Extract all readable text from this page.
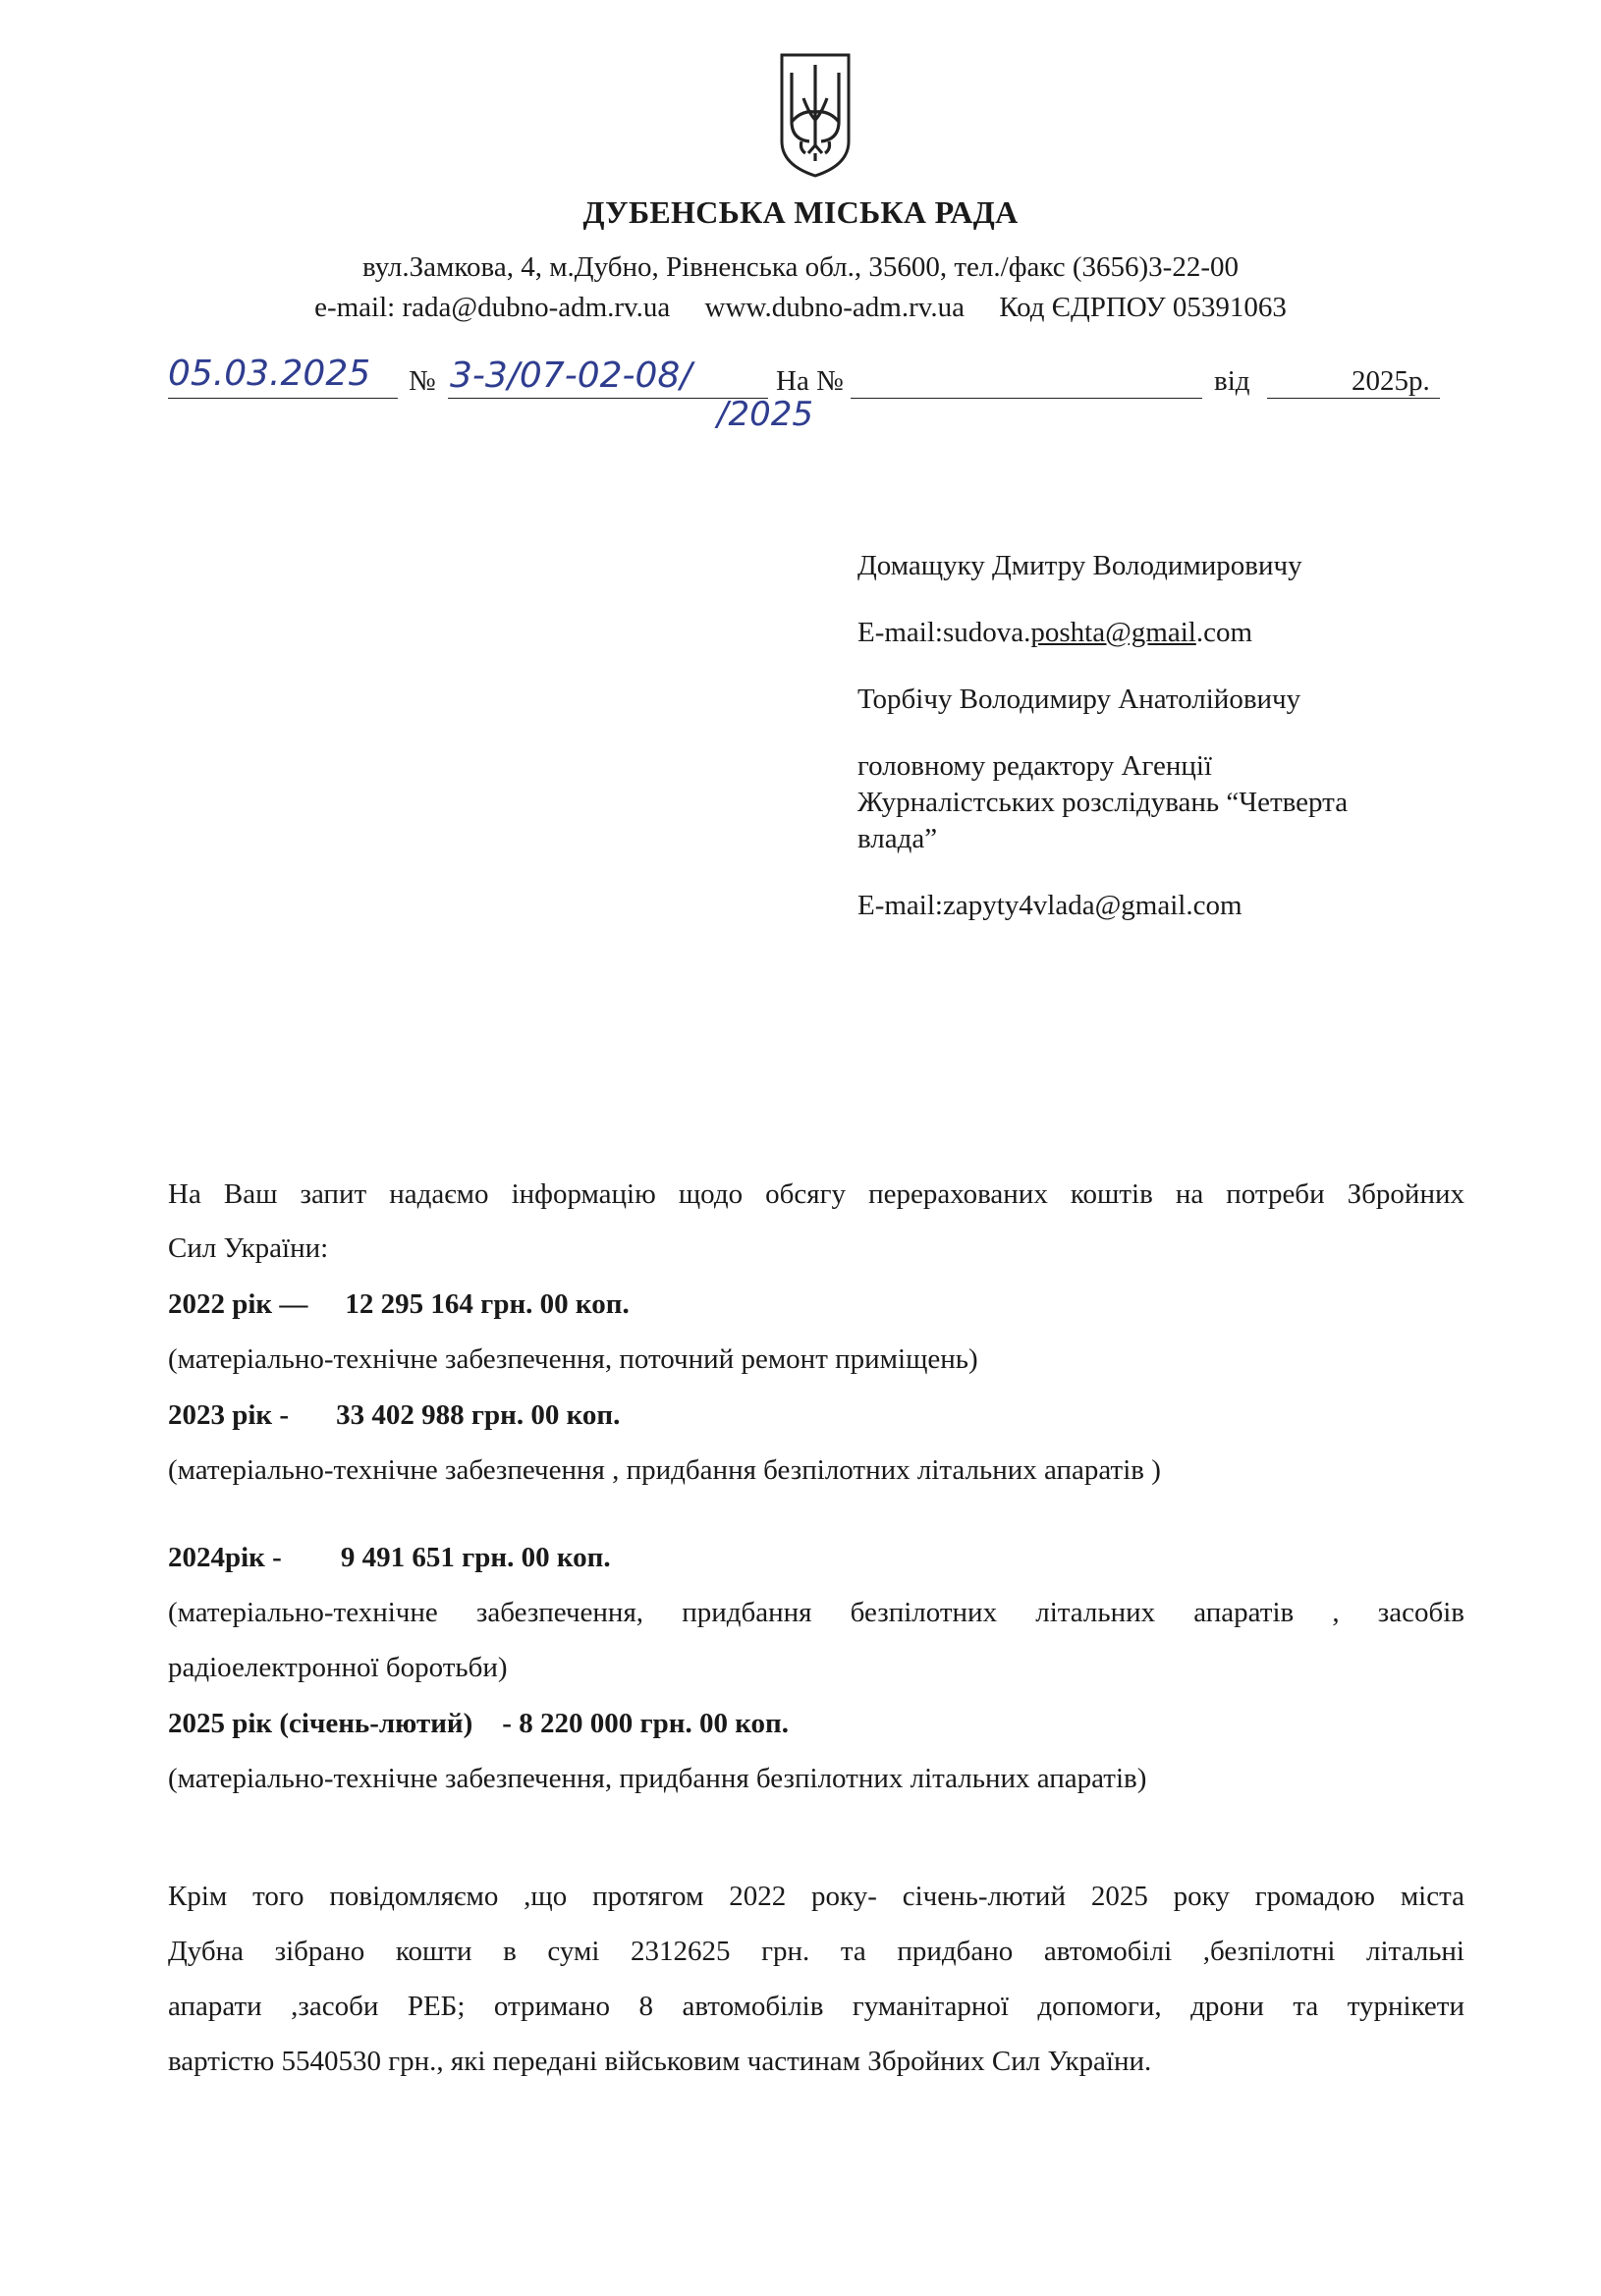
ДУБЕНСЬКА МІСЬКА РАДА
вул.Замкова, 4, м.Дубно, Рівненська обл., 35600, тел./факс (3656)3-22-00
e-mail: rada@dubno-adm.rv.ua www.dubno-adm.rv.ua Код ЄДРПОУ 05391063
05.03.2025 № 3-3/07-02-08/
/2025
На №	від	2025р.

Домащуку Дмитру Володимировичу

E-mail:sudova.poshta@gmail.com

Торбічу Володимиру Анатолійовичу

головному редактору Агенції
Журналістських розслідувань “Четверта
влада”

E-mail:zapyty4vlada@gmail.com

На Ваш запит надаємо інформацію щодо обсягу перерахованих коштів на потреби Збройних
Сил України:
2022 рік — 12 295 164 грн. 00 коп.
(матеріально-технічне забезпечення, поточний ремонт приміщень)
2023 рік - 33 402 988 грн. 00 коп.
(матеріально-технічне забезпечення , придбання безпілотних літальних апаратів )
2024рік - 9 491 651 грн. 00 коп.
(матеріально-технічне забезпечення, придбання безпілотних літальних апаратів , засобів
радіоелектронної боротьби)
2025 рік (січень-лютий) - 8 220 000 грн. 00 коп.
(матеріально-технічне забезпечення, придбання безпілотних літальних апаратів)
Крім того повідомляємо ,що протягом 2022 року- січень-лютий 2025 року громадою міста
Дубна зібрано кошти в сумі 2312625 грн. та придбано автомобілі ,безпілотні літальні
апарати ,засоби РЕБ; отримано 8 автомобілів гуманітарної допомоги, дрони та турнікети
вартістю 5540530 грн., які передані військовим частинам Збройних Сил України.
